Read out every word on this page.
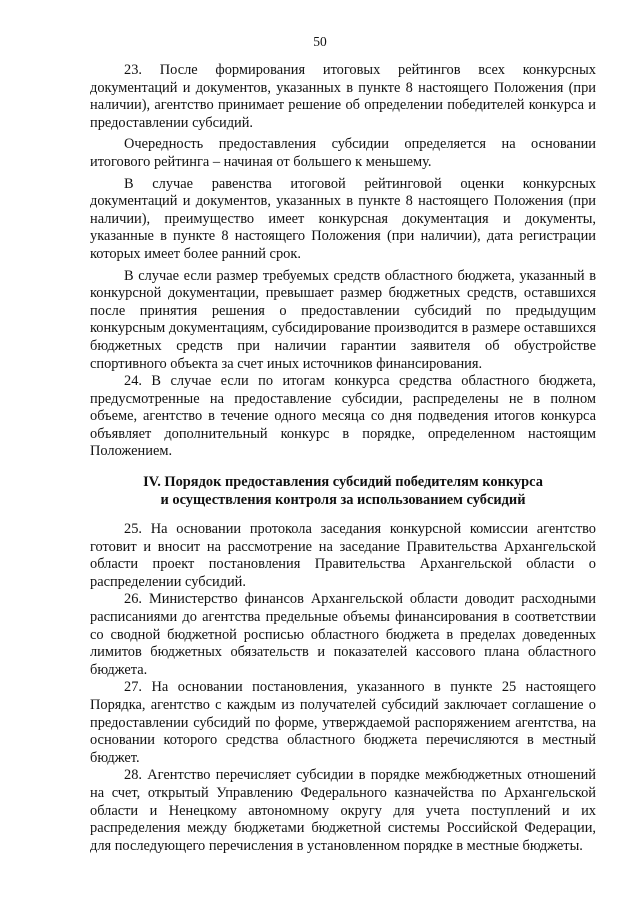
50

23. После формирования итоговых рейтингов всех конкурсных документаций и документов, указанных в пункте 8 настоящего Положения (при наличии), агентство принимает решение об определении победителей конкурса и предоставлении субсидий.

Очередность предоставления субсидии определяется на основании итогового рейтинга – начиная от большего к меньшему.

В случае равенства итоговой рейтинговой оценки конкурсных документаций и документов, указанных в пункте 8 настоящего Положения (при наличии), преимущество имеет конкурсная документация и документы, указанные в пункте 8 настоящего Положения (при наличии), дата регистрации которых имеет более ранний срок.

В случае если размер требуемых средств областного бюджета, указанный в конкурсной документации, превышает размер бюджетных средств, оставшихся после принятия решения о предоставлении субсидий по предыдущим конкурсным документациям, субсидирование производится в размере оставшихся бюджетных средств при наличии гарантии заявителя об обустройстве спортивного объекта за счет иных источников финансирования.

24. В случае если по итогам конкурса средства областного бюджета, предусмотренные на предоставление субсидии, распределены не в полном объеме, агентство в течение одного месяца со дня подведения итогов конкурса объявляет дополнительный конкурс в порядке, определенном настоящим Положением.

IV. Порядок предоставления субсидий победителям конкурса
и осуществления контроля за использованием субсидий

25. На основании протокола заседания конкурсной комиссии агентство готовит и вносит на рассмотрение на заседание Правительства Архангельской области проект постановления Правительства Архангельской области о распределении субсидий.

26. Министерство финансов Архангельской области доводит расходными расписаниями до агентства предельные объемы финансирования в соответствии со сводной бюджетной росписью областного бюджета в пределах доведенных лимитов бюджетных обязательств и показателей кассового плана областного бюджета.

27. На основании постановления, указанного в пункте 25 настоящего Порядка, агентство с каждым из получателей субсидий заключает соглашение о предоставлении субсидий по форме, утверждаемой распоряжением агентства, на основании которого средства областного бюджета перечисляются в местный бюджет.

28. Агентство перечисляет субсидии в порядке межбюджетных отношений на счет, открытый Управлению Федерального казначейства по Архангельской области и Ненецкому автономному округу для учета поступлений и их распределения между бюджетами бюджетной системы Российской Федерации, для последующего перечисления в установленном порядке в местные бюджеты.
